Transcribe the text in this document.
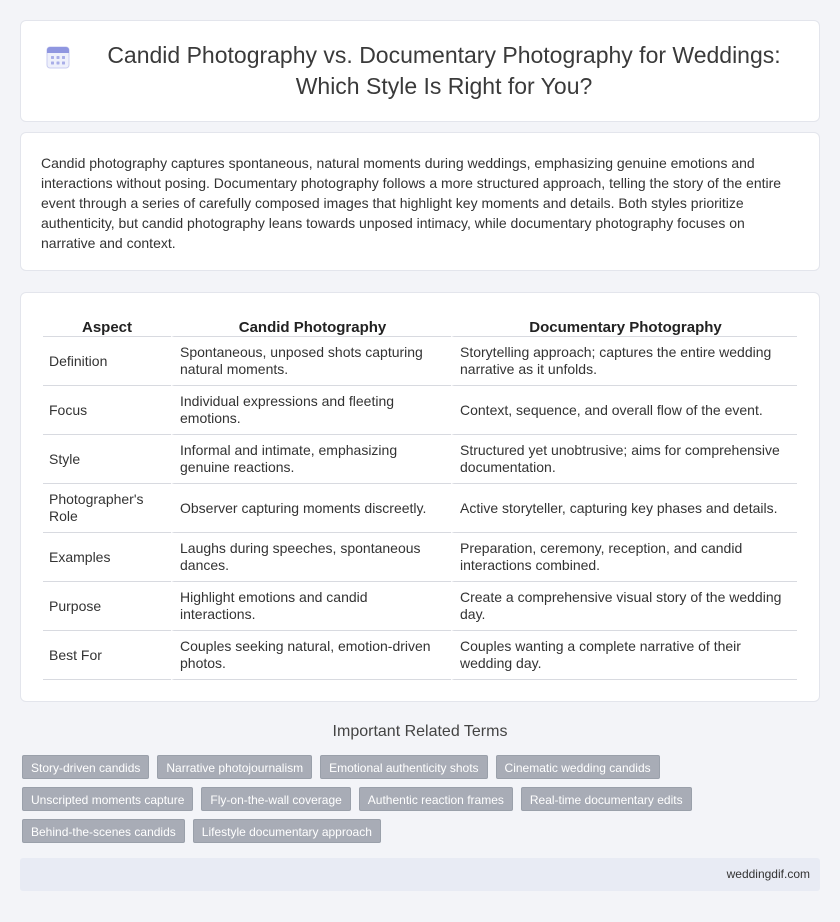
Candid Photography vs. Documentary Photography for Weddings: Which Style Is Right for You?

Candid photography captures spontaneous, natural moments during weddings, emphasizing genuine emotions and interactions without posing. Documentary photography follows a more structured approach, telling the story of the entire event through a series of carefully composed images that highlight key moments and details. Both styles prioritize authenticity, but candid photography leans towards unposed intimacy, while documentary photography focuses on narrative and context.

Aspect	Candid Photography	Documentary Photography
Definition	Spontaneous, unposed shots capturing natural moments.	Storytelling approach; captures the entire wedding narrative as it unfolds.
Focus	Individual expressions and fleeting emotions.	Context, sequence, and overall flow of the event.
Style	Informal and intimate, emphasizing genuine reactions.	Structured yet unobtrusive; aims for comprehensive documentation.
Photographer's Role	Observer capturing moments discreetly.	Active storyteller, capturing key phases and details.
Examples	Laughs during speeches, spontaneous dances.	Preparation, ceremony, reception, and candid interactions combined.
Purpose	Highlight emotions and candid interactions.	Create a comprehensive visual story of the wedding day.
Best For	Couples seeking natural, emotion-driven photos.	Couples wanting a complete narrative of their wedding day.
Important Related Terms
Story-driven candids	Narrative photojournalism	Emotional authenticity shots	Cinematic wedding candids
Unscripted moments capture	Fly-on-the-wall coverage	Authentic reaction frames	Real-time documentary edits
Behind-the-scenes candids	Lifestyle documentary approach
weddingdif.com
